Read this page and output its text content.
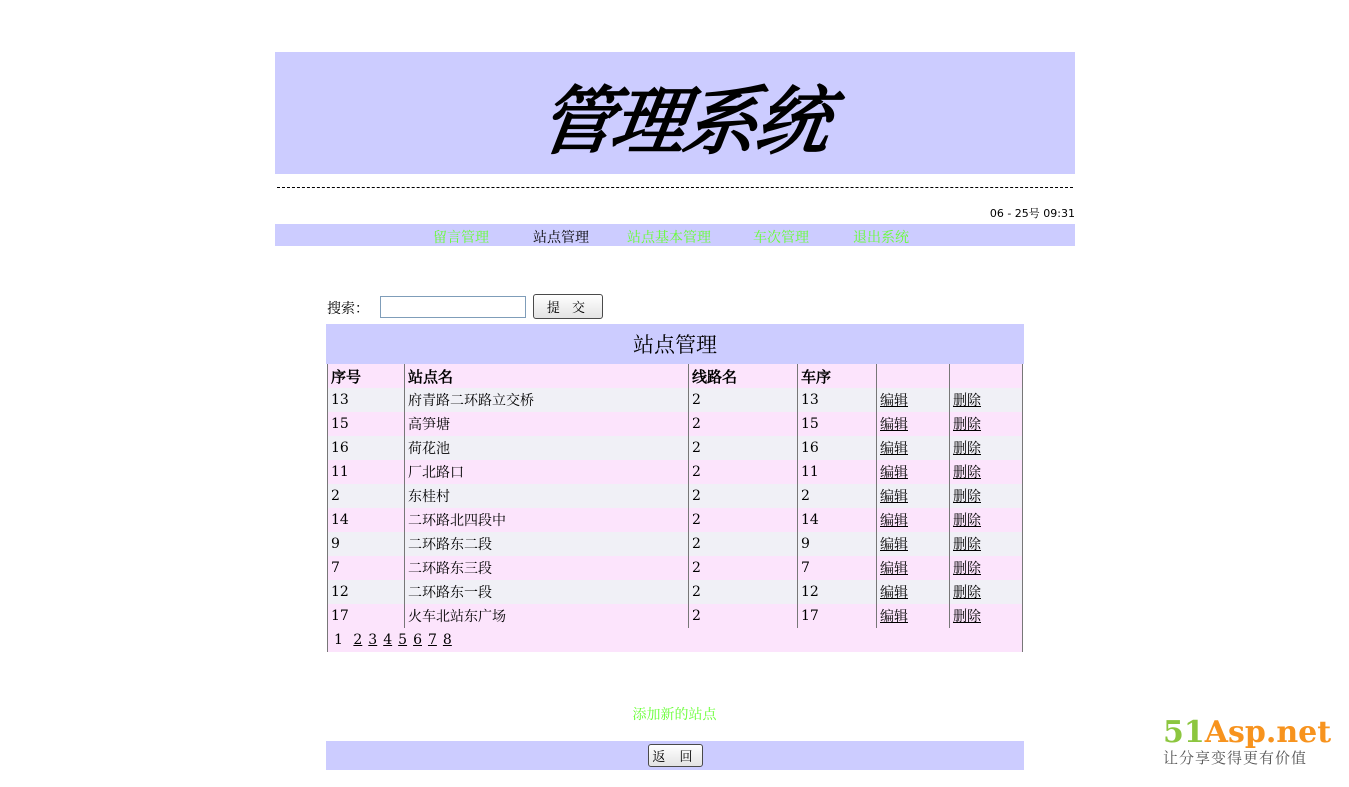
管理系统
06 - 25号 09:31
留言管理	站点管理	站点基本管理	车次管理	退出系统
搜索：	提 交
站点管理
序号	站点名	线路名	车序		
13	府青路二环路立交桥	2	13	编辑	删除
15	高笋塘	2	15	编辑	删除
16	荷花池	2	16	编辑	删除
11	厂北路口	2	11	编辑	删除
2	东桂村	2	2	编辑	删除
14	二环路北四段中	2	14	编辑	删除
9	二环路东二段	2	9	编辑	删除
7	二环路东三段	2	7	编辑	删除
12	二环路东一段	2	12	编辑	删除
17	火车北站东广场	2	17	编辑	删除
1 2 3 4 5 6 7 8					
添加新的站点
返 回
51Asp.net
让分享变得更有价值
